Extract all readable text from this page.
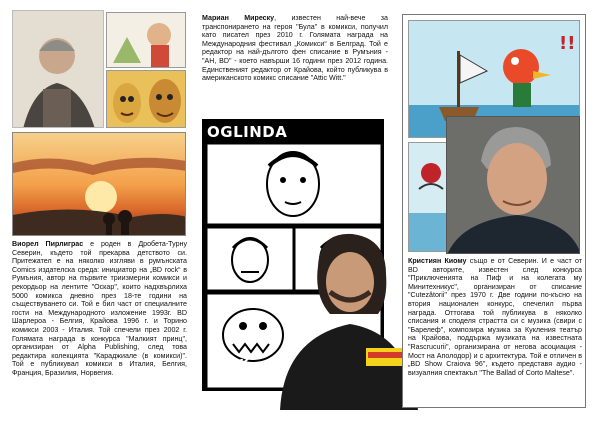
Виорел Пирлиграс е роден в Дробета-Турну Северин, където той прекарва детството си. Притежател е на няколко изгляви в румънската Comics издателска среда: инициатор на „BD rock“ в Румъния, автор на първите триизмерни комикси и рекордьор на лентите "Оскар", които надхвърлиха 5000 комикса дневно през 18-те години на съществуването си. Той е бил част от специалните гости на Международното изложение 1993г. BD Шарлероа - Белгия, Крайова 1996 г. и Торино комикси 2003 - Италия. Той спечели през 2002 г. Голямата награда в конкурса "Малкият принц", организиран от Alpha Publishing, след това редактира колекцията "Караджиале (в комикси)". Той е публикувал комикси в Италия, Белгия, Франция, Бразилия, Норвегия.
Мариан Миреску, известен най-вече за транспонирането на героя "Була" в комикси, получил като писател през 2010 г. Голямата награда на Международния фестивал „Комикси“ в Белград. Той е редактор на най-дългото фен списание в Румъния - "АН, BD" - което навърши 16 години през 2012 година. Единственият редактор от Крайова, който публикува в американското комикс списание "Attic Witt."
OGLINDA
HRRK
!!
Кристиян Киому също е от Северин. И е част от BD авторите, известен след конкурса "Приключенията на Пиф и на колегата му Минитехникус", организиран от списание "Cutezătorii" през 1970 г. Две години по-късно на втория национален конкурс, спечелил първа награда. Оттогава той публикува в няколко списания и споделя страстта си с музика (свири с "Барелеф", композира музика за Кукления театър на Крайова, поддържа музиката на известната "Rascrucurii", организирана от негова асоциация - Мост на Аполодор) и с архитектура. Той е отличен в „BD Show Craiova 96", където представя аудио - визуалния спектакъл "The Ballad of Corto Maltese".
